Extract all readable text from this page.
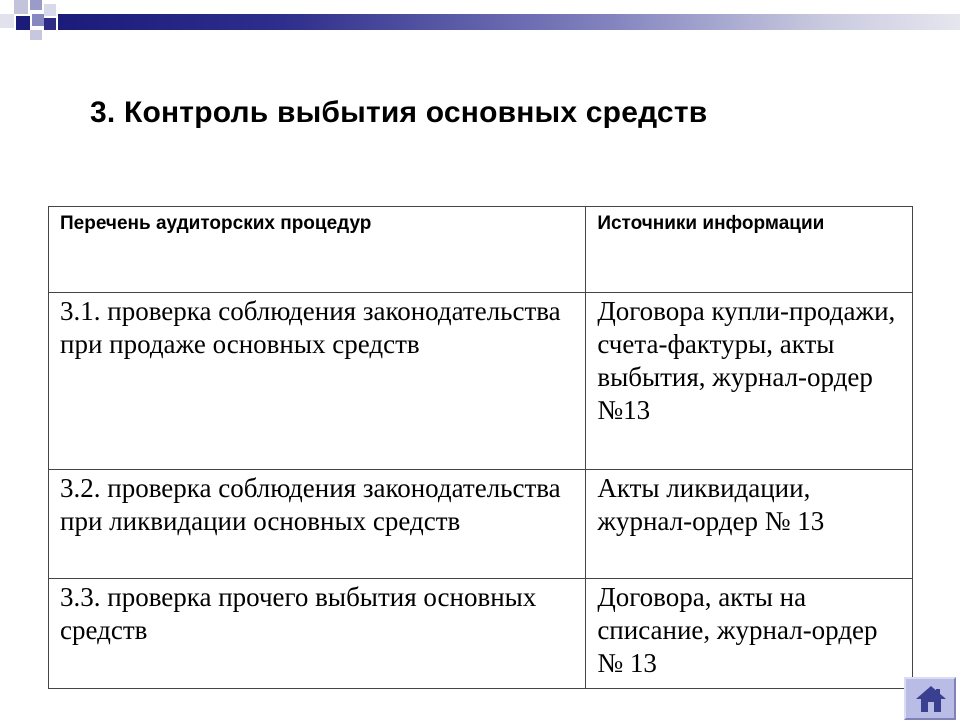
3. Контроль выбытия основных средств
Перечень аудиторских процедур	Источники информации
3.1. проверка соблюдения законодательства при продаже основных средств	Договора купли-продажи, счета-фактуры, акты выбытия, журнал-ордер №13
3.2. проверка соблюдения законодательства при ликвидации основных средств	Акты ликвидации, журнал-ордер № 13
3.3. проверка прочего выбытия основных средств	Договора, акты на списание, журнал-ордер № 13
